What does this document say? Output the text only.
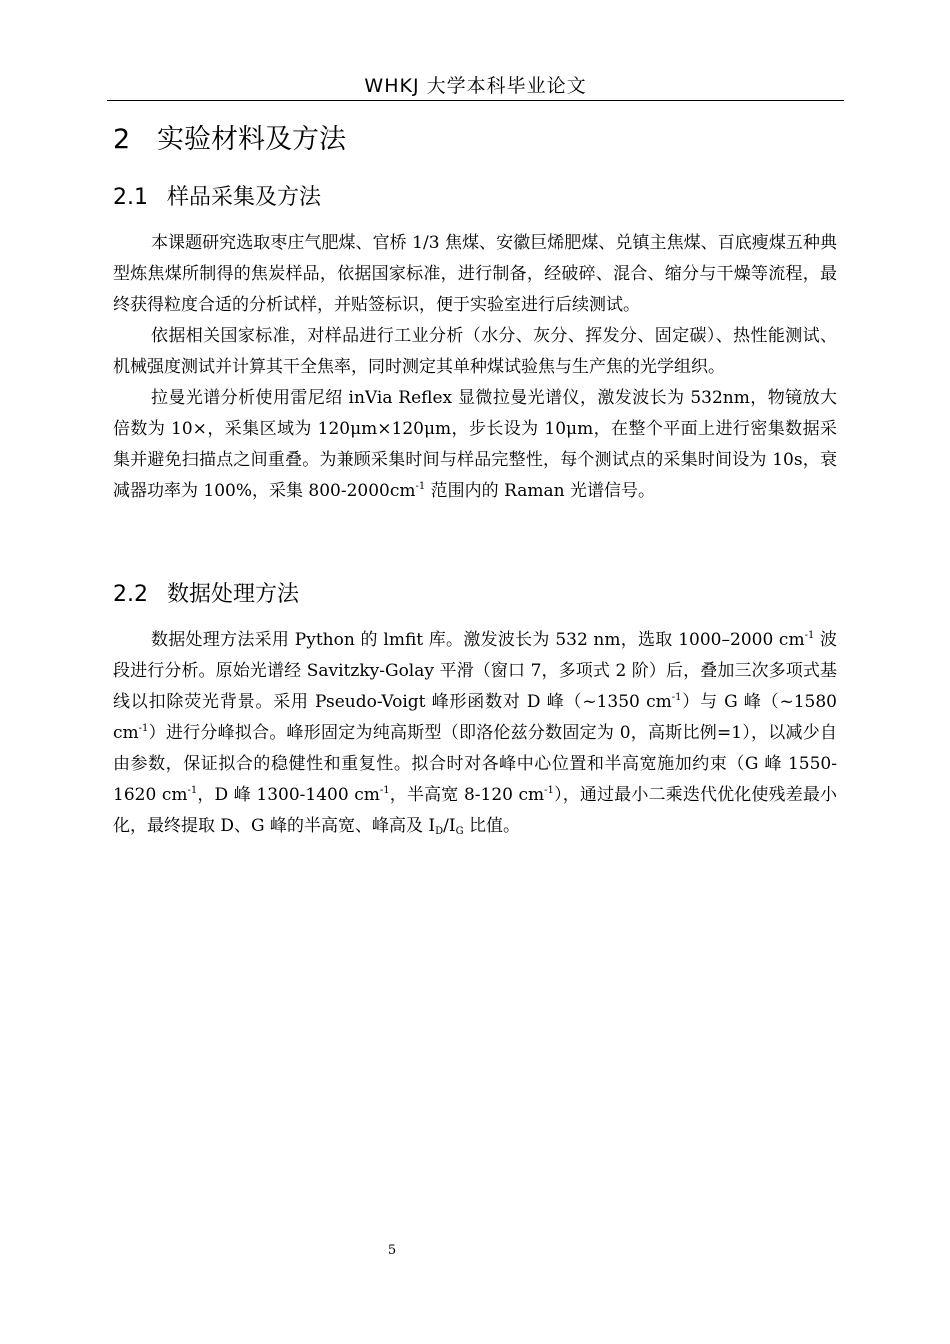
WHKJ 大学本科毕业论文
2 实验材料及方法
2.1 样品采集及方法

本课题研究选取枣庄气肥煤、官桥 1/3 焦煤、安徽巨烯肥煤、兑镇主焦煤、百底瘦煤五种典型炼焦煤所制得的焦炭样品，依据国家标准，进行制备，经破碎、混合、缩分与干燥等流程，最终获得粒度合适的分析试样，并贴签标识，便于实验室进行后续测试。

依据相关国家标准，对样品进行工业分析（水分、灰分、挥发分、固定碳）、热性能测试、机械强度测试并计算其干全焦率，同时测定其单种煤试验焦与生产焦的光学组织。

拉曼光谱分析使用雷尼绍 inVia Reflex 显微拉曼光谱仪，激发波长为 532nm，物镜放大倍数为 10×，采集区域为 120μm×120μm，步长设为 10μm，在整个平面上进行密集数据采集并避免扫描点之间重叠。为兼顾采集时间与样品完整性，每个测试点的采集时间设为 10s，衰减器功率为 100%，采集 $800-2000cm^{-1}$ 范围内的 Raman 光谱信号。

2.2 数据处理方法

数据处理方法采用 Python 的 lmfit 库。激发波长为 532 nm，选取 1000–2000 $cm^{-1}$ 波段进行分析。原始光谱经 Savitzky-Golay 平滑（窗口 7，多项式 2 阶）后，叠加三次多项式基线以扣除荧光背景。采用 Pseudo-Voigt 峰形函数对 D 峰（~1350 $cm^{-1}$）与 G 峰（~1580 $cm^{-1}$）进行分峰拟合。峰形固定为纯高斯型（即洛伦兹分数固定为 0，高斯比例=1），以减少自由参数，保证拟合的稳健性和重复性。拟合时对各峰中心位置和半高宽施加约束（G 峰 1550-1620 $cm^{-1}$，D 峰 1300-1400 $cm^{-1}$，半高宽 8-120 $cm^{-1}$），通过最小二乘迭代优化使残差最小化，最终提取 D、G 峰的半高宽、峰高及 $I_D/I_G$ 比值。

5
